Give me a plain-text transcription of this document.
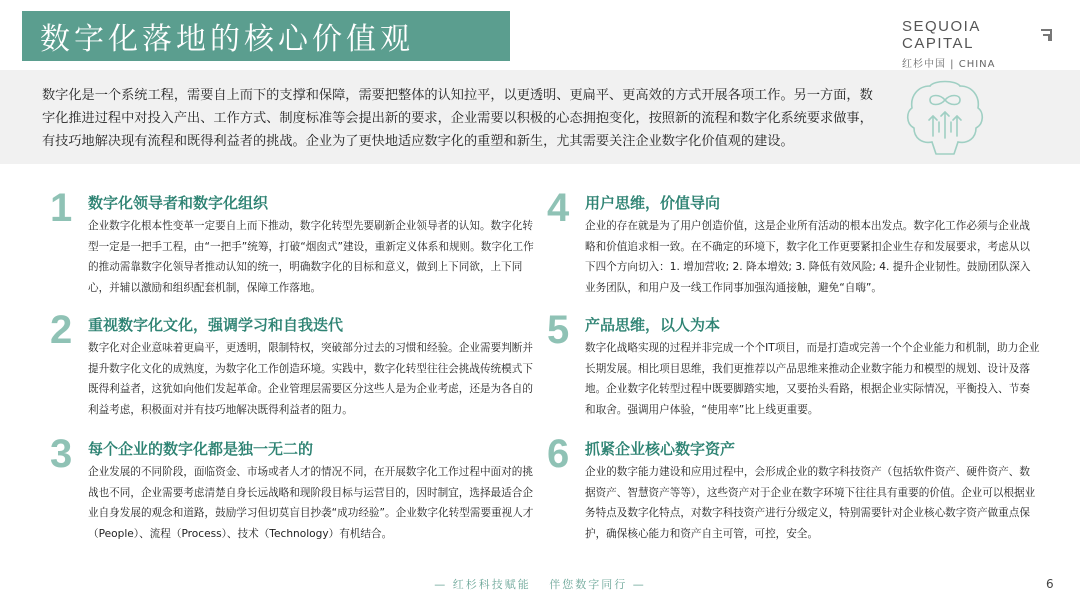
数字化落地的核心价值观	SEQUOIA CAPITAL
红杉中国 | CHINA
数字化是一个系统工程，需要自上而下的支撑和保障，需要把整体的认知拉平，以更透明、更扁平、更高效的方式开展各项工作。另一方面，数字化推进过程中对投入产出、工作方式、制度标准等会提出新的要求，企业需要以积极的心态拥抱变化，按照新的流程和数字化系统要求做事，有技巧地解决现有流程和既得利益者的挑战。企业为了更快地适应数字化的重塑和新生，尤其需要关注企业数字化价值观的建设。
1 数字化领导者和数字化组织
企业数字化根本性变革一定要自上而下推动，数字化转型先要刷新企业领导者的认知。数字化转型一定是一把手工程，由“一把手”统筹，打破“烟囱式”建设，重新定义体系和规则。数字化工作的推动需靠数字化领导者推动认知的统一，明确数字化的目标和意义，做到上下同欲，上下同心，并辅以激励和组织配套机制，保障工作落地。
2 重视数字化文化，强调学习和自我迭代
数字化对企业意味着更扁平，更透明，限制特权，突破部分过去的习惯和经验。企业需要判断并提升数字化文化的成熟度，为数字化工作创造环境。实践中，数字化转型往往会挑战传统模式下既得利益者，这犹如向他们发起革命。企业管理层需要区分这些人是为企业考虑，还是为各自的利益考虑，积极面对并有技巧地解决既得利益者的阻力。
3 每个企业的数字化都是独一无二的
企业发展的不同阶段，面临资金、市场或者人才的情况不同，在开展数字化工作过程中面对的挑战也不同，企业需要考虑清楚自身长远战略和现阶段目标与运营目的，因时制宜，选择最适合企业自身发展的观念和道路，鼓励学习但切莫盲目抄袭“成功经验”。企业数字化转型需要重视人才（People）、流程（Process）、技术（Technology）有机结合。
4 用户思维，价值导向
企业的存在就是为了用户创造价值，这是企业所有活动的根本出发点。数字化工作必须与企业战略和价值追求相一致。在不确定的环境下，数字化工作更要紧扣企业生存和发展要求，考虑从以下四个方向切入：1. 增加营收; 2. 降本增效; 3. 降低有效风险; 4. 提升企业韧性。鼓励团队深入业务团队，和用户及一线工作同事加强沟通接触，避免“自嗨”。
5 产品思维，以人为本
数字化战略实现的过程并非完成一个个IT项目，而是打造或完善一个个企业能力和机制，助力企业长期发展。相比项目思维，我们更推荐以产品思维来推动企业数字能力和模型的规划、设计及落地。企业数字化转型过程中既要脚踏实地，又要抬头看路，根据企业实际情况，平衡投入、节奏和取舍。强调用户体验，“使用率”比上线更重要。
6 抓紧企业核心数字资产
企业的数字能力建设和应用过程中，会形成企业的数字科技资产（包括软件资产、硬件资产、数据资产、智慧资产等等），这些资产对于企业在数字环境下往往具有重要的价值。企业可以根据业务特点及数字化特点，对数字科技资产进行分级定义，特别需要针对企业核心数字资产做重点保护，确保核心能力和资产自主可管，可控，安全。
— 红杉科技赋能　 伴您数字同行 —	6
